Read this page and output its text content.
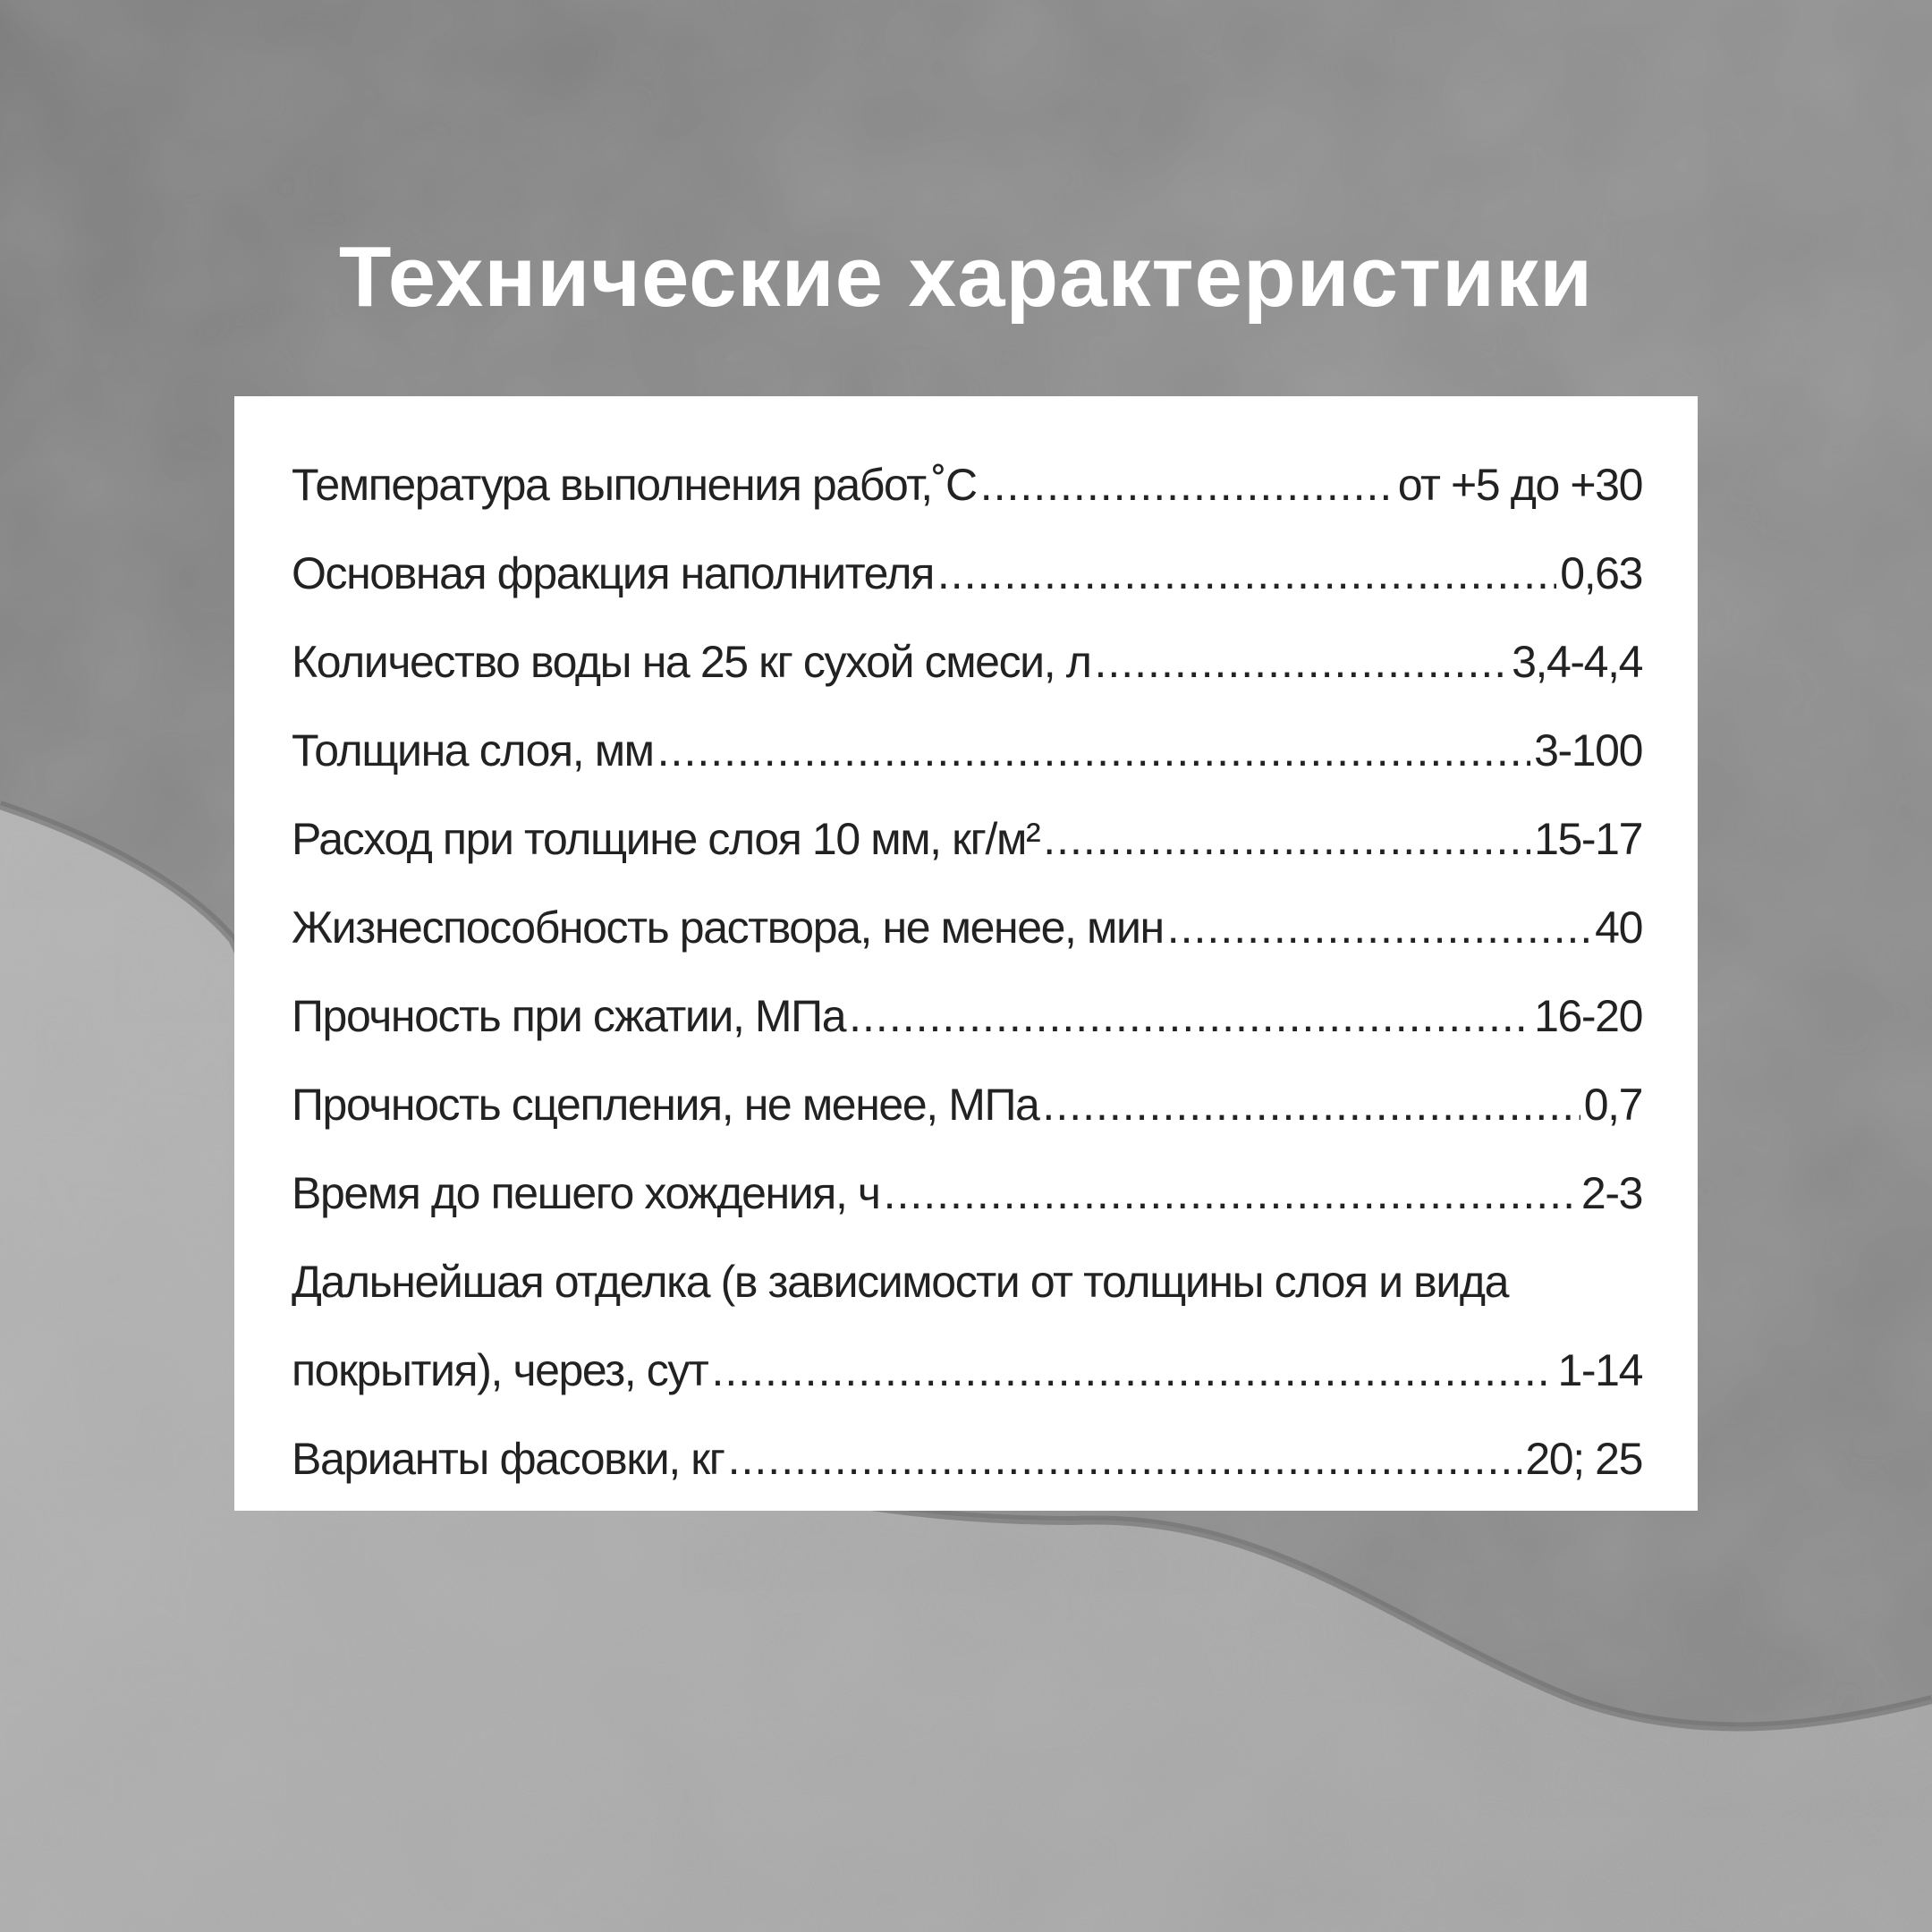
Технические характеристики
Температура выполнения работ,˚С .....	от +5 до +30
Основная фракция наполнителя .....	0,63
Количество воды на 25 кг сухой смеси, л .....	3,4-4,4
Толщина слоя, мм .....	3-100
Расход при толщине слоя 10 мм, кг/м² .....	15-17
Жизнеспособность раствора, не менее, мин .....	40
Прочность при сжатии, МПа .....	16-20
Прочность сцепления, не менее, МПа .....	0,7
Время до пешего хождения, ч .....	2-3
Дальнейшая отделка (в зависимости от толщины слоя и вида
покрытия), через, сут .....	1-14
Варианты фасовки, кг .....	20; 25
